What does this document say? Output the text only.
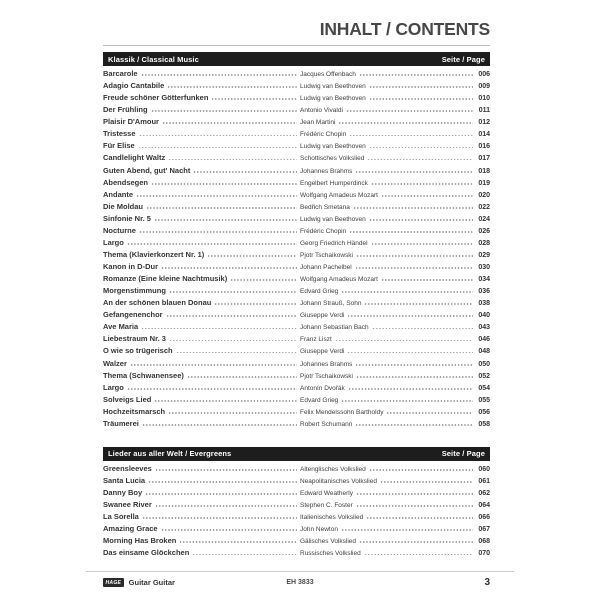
INHALT / CONTENTS
Klassik / Classical Music	Seite / Page
Barcarole	Jacques Offenbach	006
Adagio Cantabile	Ludwig van Beethoven	009
Freude schöner Götterfunken	Ludwig van Beethoven	010
Der Frühling	Antonio Vivaldi	011
Plaisir D'Amour	Jean Martini	012
Tristesse	Frédéric Chopin	014
Für Elise	Ludwig van Beethoven	016
Candlelight Waltz	Schottisches Volkslied	017
Guten Abend, gut' Nacht	Johannes Brahms	018
Abendsegen	Engelbert Humperdinck	019
Andante	Wolfgang Amadeus Mozart	020
Die Moldau	Bedřich Smetana	022
Sinfonie Nr. 5	Ludwig van Beethoven	024
Nocturne	Frédéric Chopin	026
Largo	Georg Friedrich Händel	028
Thema (Klavierkonzert Nr. 1)	Pjotr Tschaikowski	029
Kanon in D-Dur	Johann Pachelbel	030
Romanze (Eine kleine Nachtmusik)	Wolfgang Amadeus Mozart	034
Morgenstimmung	Edvard Grieg	036
An der schönen blauen Donau	Johann Strauß, Sohn	038
Gefangenenchor	Giuseppe Verdi	040
Ave Maria	Johann Sebastian Bach	043
Liebestraum Nr. 3	Franz Liszt	046
O wie so trügerisch	Giuseppe Verdi	048
Walzer	Johannes Brahms	050
Thema (Schwanensee)	Pjotr Tschaikowski	052
Largo	Antonín Dvořák	054
Solveigs Lied	Edvard Grieg	055
Hochzeitsmarsch	Felix Mendelssohn Bartholdy	056
Träumerei	Robert Schumann	058
Lieder aus aller Welt / Evergreens	Seite / Page
Greensleeves	Altenglisches Volkslied	060
Santa Lucia	Neapolitanisches Volkslied	061
Danny Boy	Edward Weatherly	062
Swanee River	Stephen C. Foster	064
La Sorella	Italienisches Volkslied	066
Amazing Grace	John Newton	067
Morning Has Broken	Gälisches Volkslied	068
Das einsame Glöckchen	Russisches Volkslied	070
HAGE	Guitar Guitar	EH 3833	3
